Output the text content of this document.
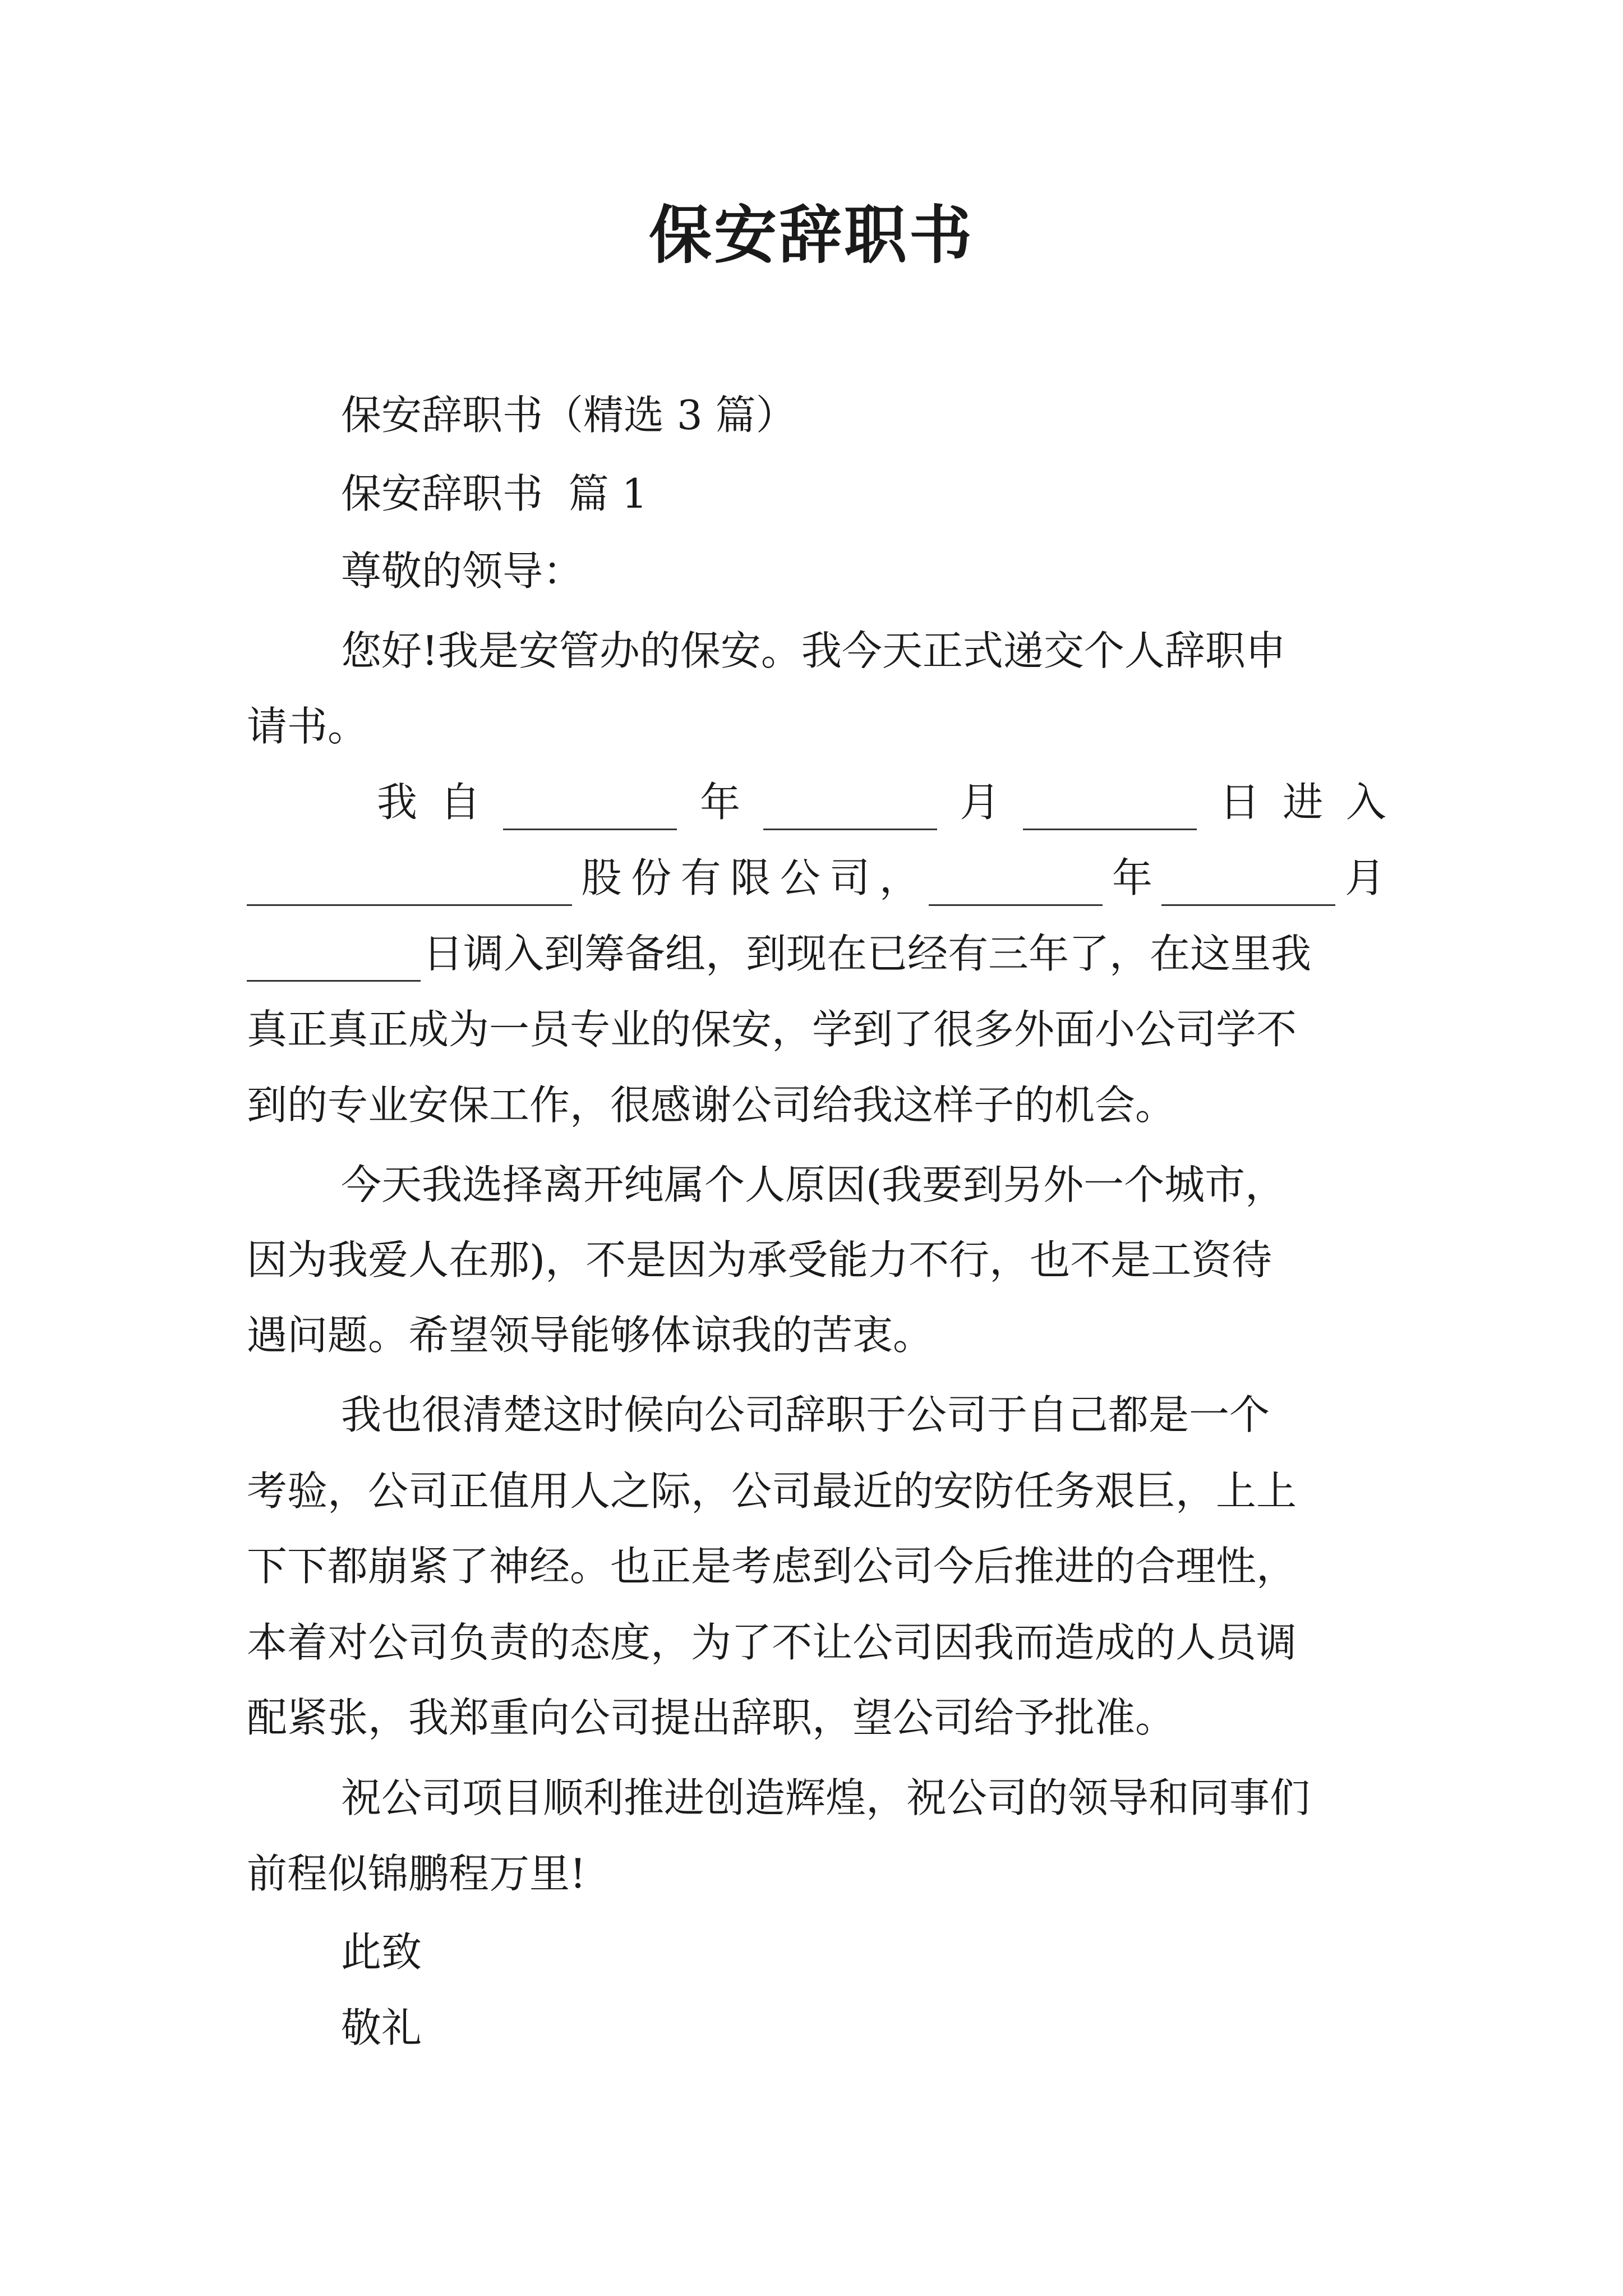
保安辞职书
保安辞职书（精选 3 篇）
保安辞职书  篇 1
尊敬的领导：
您好!我是安管办的保安。我今天正式递交个人辞职申
请书。
我 自	年	月	日 进 入
股 份 有 限 公 司 ，	年	月
日调入到筹备组，到现在已经有三年了，在这里我
真正真正成为一员专业的保安，学到了很多外面小公司学不
到的专业安保工作，很感谢公司给我这样子的机会。
今天我选择离开纯属个人原因(我要到另外一个城市，
因为我爱人在那)，不是因为承受能力不行，也不是工资待
遇问题。希望领导能够体谅我的苦衷。
我也很清楚这时候向公司辞职于公司于自己都是一个
考验，公司正值用人之际，公司最近的安防任务艰巨，上上
下下都崩紧了神经。也正是考虑到公司今后推进的合理性，
本着对公司负责的态度，为了不让公司因我而造成的人员调
配紧张，我郑重向公司提出辞职，望公司给予批准。
祝公司项目顺利推进创造辉煌，祝公司的领导和同事们
前程似锦鹏程万里!
此致
敬礼
